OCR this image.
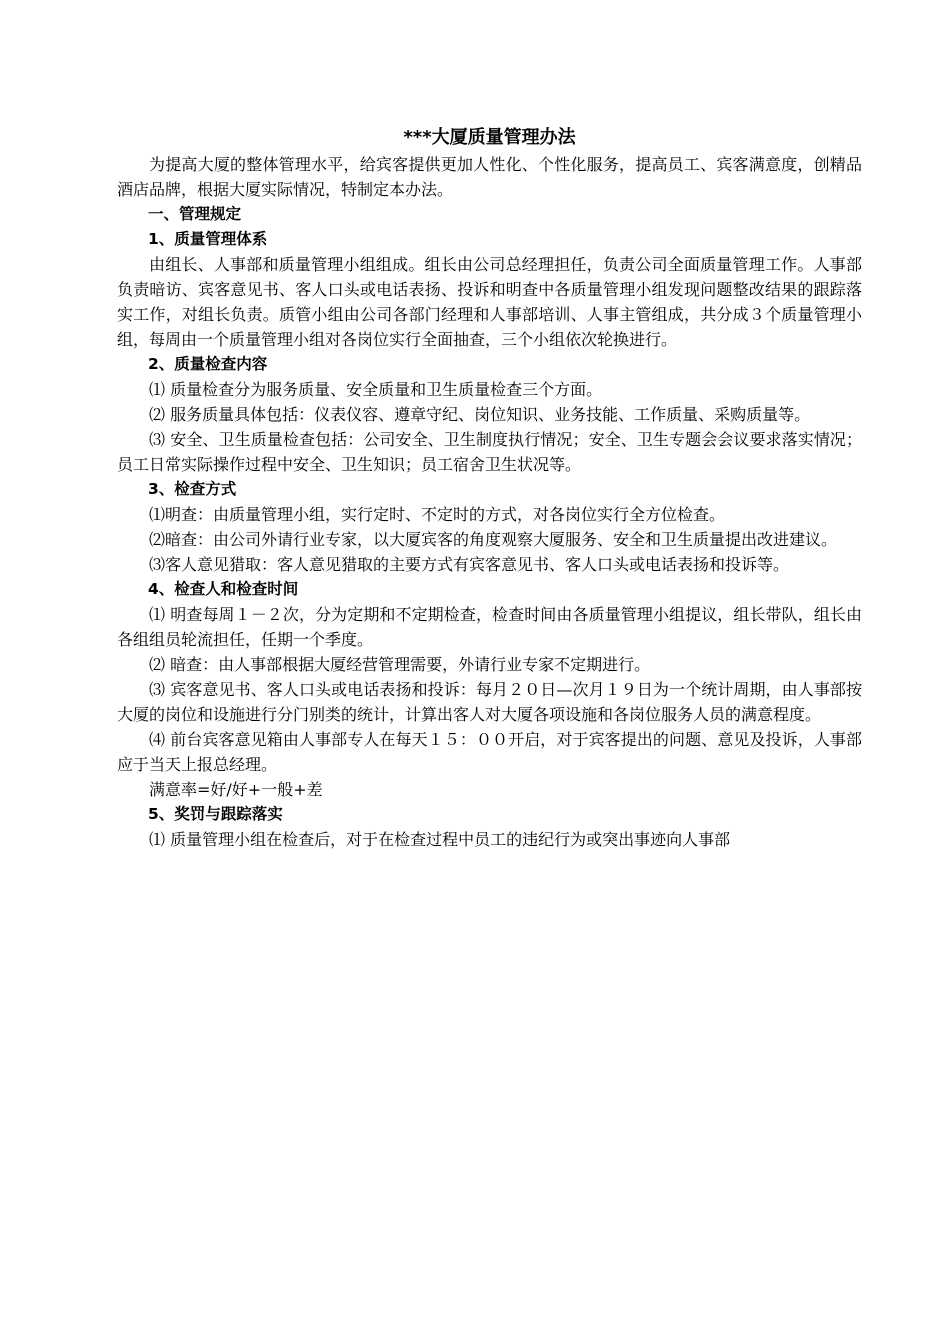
***大厦质量管理办法

为提高大厦的整体管理水平，给宾客提供更加人性化、个性化服务，提高员工、宾客满意度，创精品酒店品牌，根据大厦实际情况，特制定本办法。

一、管理规定

1、质量管理体系

由组长、人事部和质量管理小组组成。组长由公司总经理担任，负责公司全面质量管理工作。人事部负责暗访、宾客意见书、客人口头或电话表扬、投诉和明查中各质量管理小组发现问题整改结果的跟踪落实工作，对组长负责。质管小组由公司各部门经理和人事部培训、人事主管组成，共分成３个质量管理小组，每周由一个质量管理小组对各岗位实行全面抽查，三个小组依次轮换进行。

2、质量检查内容

⑴ 质量检查分为服务质量、安全质量和卫生质量检查三个方面。

⑵ 服务质量具体包括：仪表仪容、遵章守纪、岗位知识、业务技能、工作质量、采购质量等。

⑶ 安全、卫生质量检查包括：公司安全、卫生制度执行情况；安全、卫生专题会会议要求落实情况；员工日常实际操作过程中安全、卫生知识；员工宿舍卫生状况等。

3、检查方式

⑴明查：由质量管理小组，实行定时、不定时的方式，对各岗位实行全方位检查。

⑵暗查：由公司外请行业专家，以大厦宾客的角度观察大厦服务、安全和卫生质量提出改进建议。

⑶客人意见猎取：客人意见猎取的主要方式有宾客意见书、客人口头或电话表扬和投诉等。

4、检查人和检查时间

⑴ 明查每周１－２次，分为定期和不定期检查，检查时间由各质量管理小组提议，组长带队，组长由各组组员轮流担任，任期一个季度。

⑵ 暗查：由人事部根据大厦经营管理需要，外请行业专家不定期进行。

⑶ 宾客意见书、客人口头或电话表扬和投诉：每月２０日—次月１９日为一个统计周期，由人事部按大厦的岗位和设施进行分门别类的统计，计算出客人对大厦各项设施和各岗位服务人员的满意程度。

⑷ 前台宾客意见箱由人事部专人在每天１５：００开启，对于宾客提出的问题、意见及投诉，人事部应于当天上报总经理。

满意率=好/好+一般+差

5、奖罚与跟踪落实

⑴ 质量管理小组在检查后，对于在检查过程中员工的违纪行为或突出事迹向人事部
